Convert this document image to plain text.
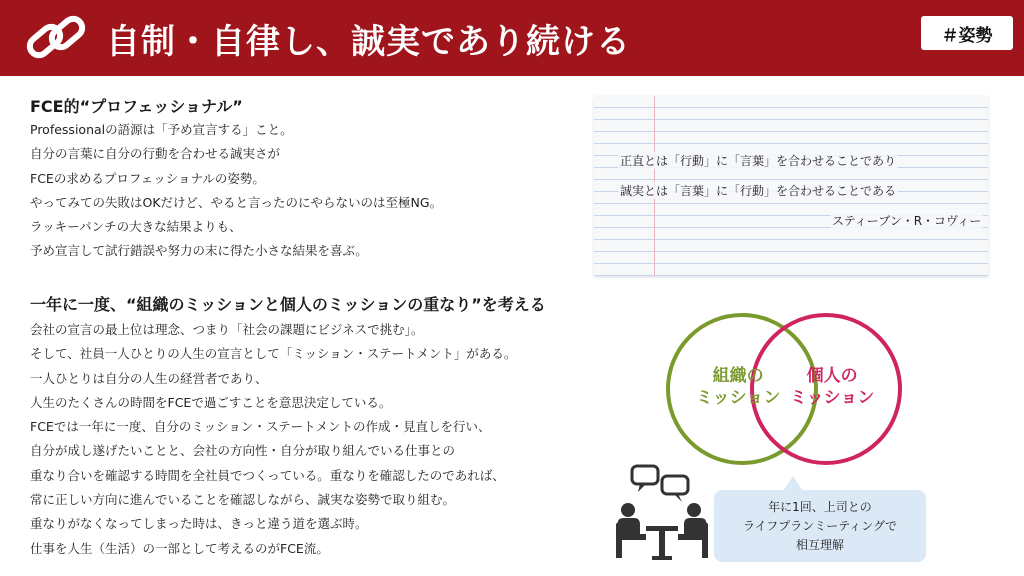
自制・自律し、誠実であり続ける	＃姿勢
FCE的“プロフェッショナル”
Professionalの語源は「予め宣言する」こと。
自分の言葉に自分の行動を合わせる誠実さが
FCEの求めるプロフェッショナルの姿勢。
やってみての失敗はOKだけど、やると言ったのにやらないのは至極NG。
ラッキーパンチの大きな結果よりも、
予め宣言して試行錯誤や努力の末に得た小さな結果を喜ぶ。
一年に一度、“組織のミッションと個人のミッションの重なり”を考える
会社の宣言の最上位は理念、つまり「社会の課題にビジネスで挑む」。
そして、社員一人ひとりの人生の宣言として「ミッション・ステートメント」がある。
一人ひとりは自分の人生の経営者であり、
人生のたくさんの時間をFCEで過ごすことを意思決定している。
FCEでは一年に一度、自分のミッション・ステートメントの作成・見直しを行い、
自分が成し遂げたいことと、会社の方向性・自分が取り組んでいる仕事との
重なり合いを確認する時間を全社員でつくっている。重なりを確認したのであれば、
常に正しい方向に進んでいることを確認しながら、誠実な姿勢で取り組む。
重なりがなくなってしまった時は、きっと違う道を選ぶ時。
仕事を人生（生活）の一部として考えるのがFCE流。
正直とは「行動」に「言葉」を合わせることであり
誠実とは「言葉」に「行動」を合わせることである
スティーブン・R・コヴィー
組織の
ミッション
個人の
ミッション
年に1回、上司との
ライフプランミーティングで
相互理解
